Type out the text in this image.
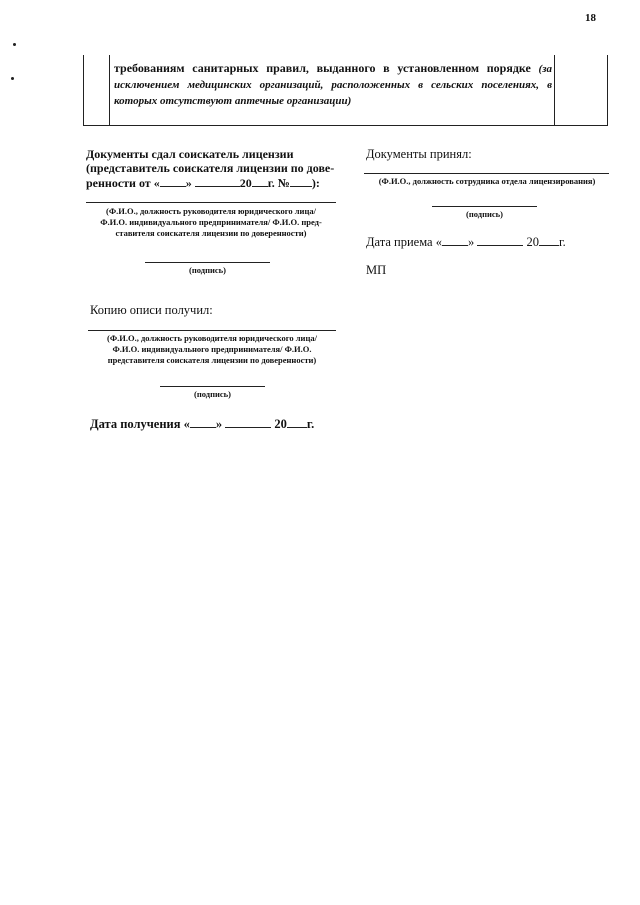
18
требованиям санитарных правил, выданного в установленном порядке (за исключением медицинских организаций, расположенных в сельских поселениях, в которых отсутствуют аптечные организации)
Документы сдал соискатель лицензии
(представитель соискателя лицензии по дове-
ренности от « »	20 г. № ):
(Ф.И.О., должность руководителя юридического лица/
Ф.И.О. индивидуального предпринимателя/ Ф.И.О. пред-
ставителя соискателя лицензии по доверенности)
(подпись)
Копию описи получил:
(Ф.И.О., должность руководителя юридического лица/
Ф.И.О. индивидуального предпринимателя/ Ф.И.О.
представителя соискателя лицензии по доверенности)
(подпись)
Дата получения « »	20 г.
Документы принял:
(Ф.И.О., должность сотрудника отдела лицензирования)
(подпись)
Дата приема « »	20 г.
МП
